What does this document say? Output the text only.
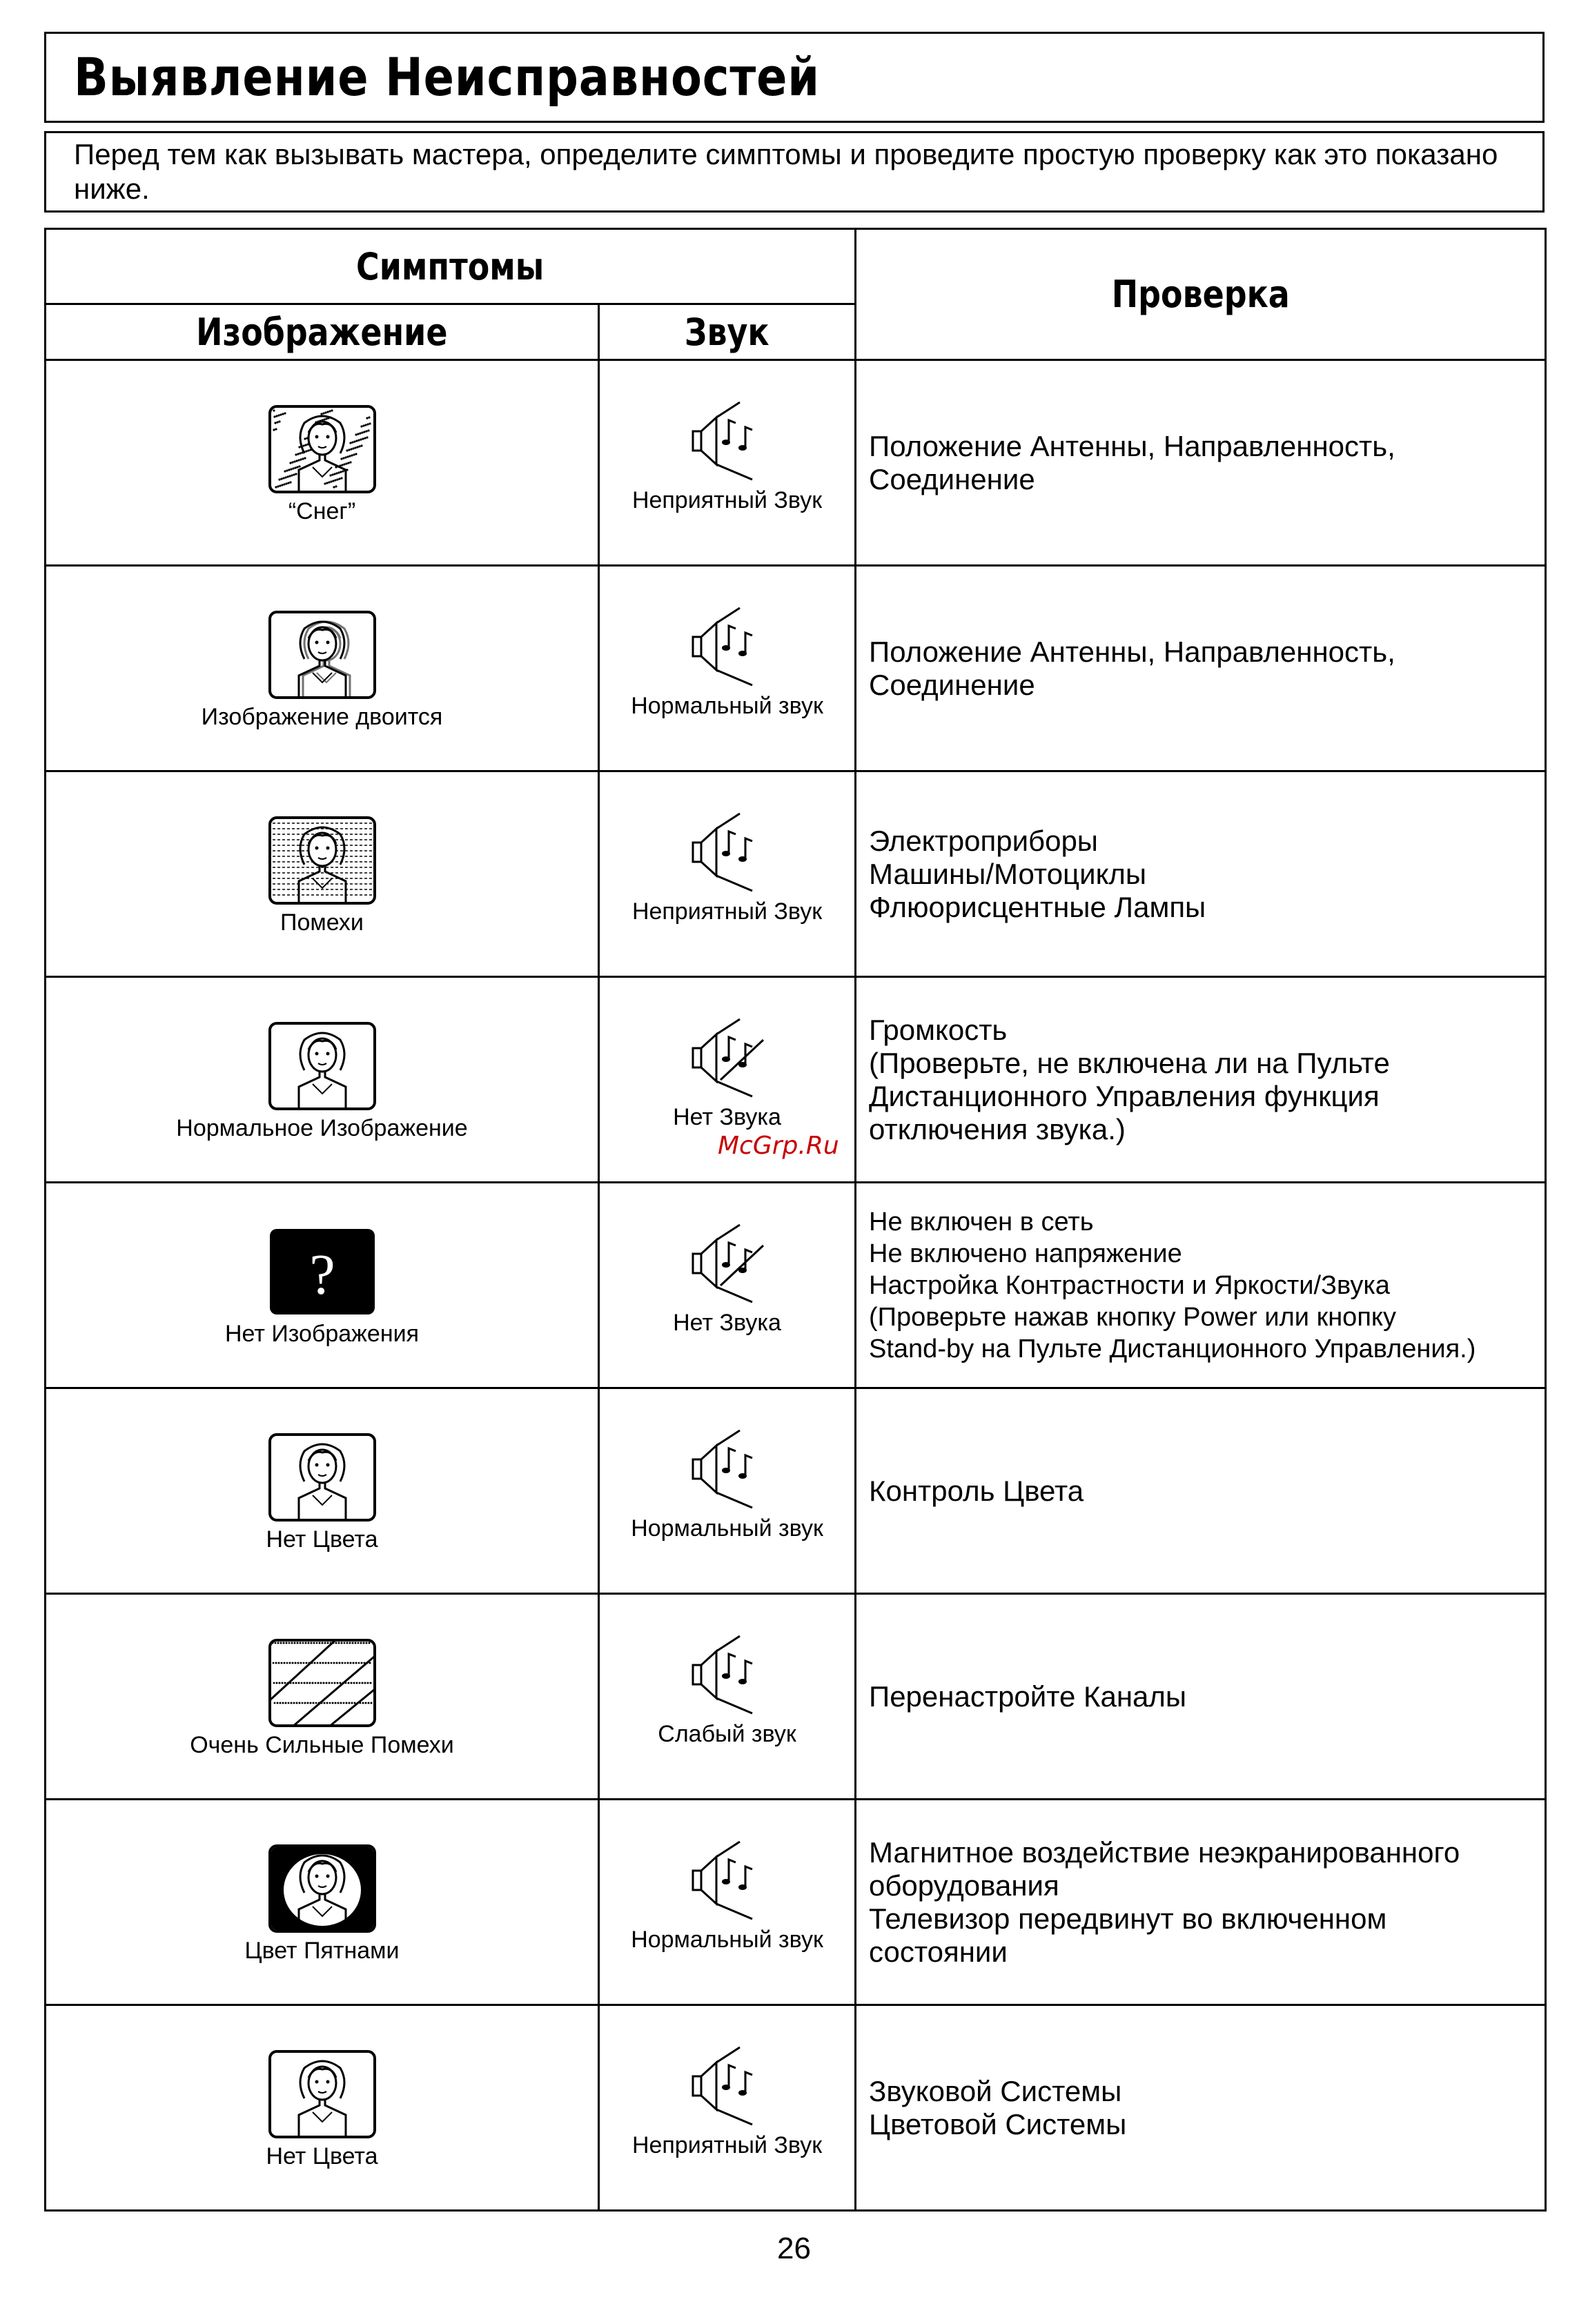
Выявление Неисправностей
Перед тем как вызывать мастера, определите симптомы и проведите простую проверку как это показано ниже.
Симптомы		Проверка
Изображение	Звук	

“Снег”	Неприятный Звук	Положение Антенны, Направленность,
Соединение

Изображение двоится	Нормальный звук	Положение Антенны, Направленность,
Соединение

Помехи	Неприятный Звук	Электроприборы
Машины/Мотоциклы
Флюорисцентные Лампы

Нормальное Изображение	Нет Звука	Громкость
(Проверьте, не включена ли на Пульте
Дистанционного Управления функция
отключения звука.)

?
Нет Изображения	Нет Звука	Не включен в сеть
Не включено напряжение
Настройка Контрастности и Яркости/Звука
(Проверьте нажав кнопку Power или кнопку
Stand-by на Пульте Дистанционного Управления.)

Нет Цвета	Нормальный звук	Контроль Цвета

Очень Сильные Помехи	Слабый звук	Перенастройте Каналы

Цвет Пятнами	Нормальный звук	Магнитное воздействие неэкранированного
оборудования
Телевизор передвинут во включенном
состоянии

Нет Цвета	Неприятный Звук	Звуковой Системы
Цветовой Системы
McGrp.Ru
26
